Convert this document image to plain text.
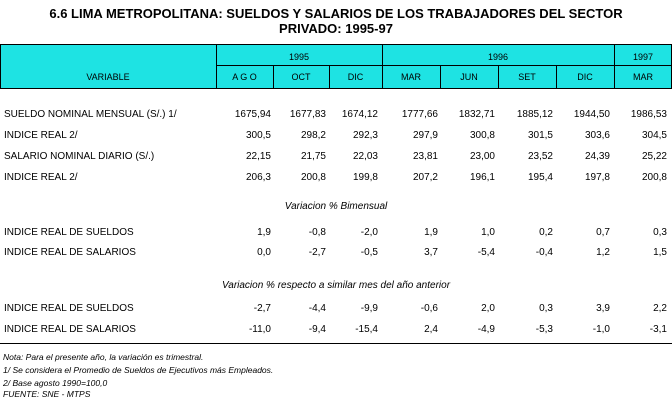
6.6 LIMA METROPOLITANA: SUELDOS Y SALARIOS DE LOS TRABAJADORES DEL SECTOR
PRIVADO: 1995-97
VARIABLE
1995	1996	1997
A G O	OCT	DIC	MAR	JUN	SET	DIC	MAR
Variacion % Bimensual
Variacion % respecto a similar mes del año anterior
Nota: Para el presente año, la variación es trimestral.
1/ Se considera el Promedio de Sueldos de Ejecutivos más Empleados.
2/ Base agosto 1990=100,0
FUENTE: SNE - MTPS
SUELDO NOMINAL MENSUAL (S/.) 1/	1675,94	1677,83	1674,12	1777,66	1832,71	1885,12	1944,50	1986,53
INDICE REAL 2/	300,5	298,2	292,3	297,9	300,8	301,5	303,6	304,5
SALARIO NOMINAL DIARIO (S/.)	22,15	21,75	22,03	23,81	23,00	23,52	24,39	25,22
INDICE REAL 2/	206,3	200,8	199,8	207,2	196,1	195,4	197,8	200,8
INDICE REAL DE SUELDOS	1,9	-0,8	-2,0	1,9	1,0	0,2	0,7	0,3
INDICE REAL DE SALARIOS	0,0	-2,7	-0,5	3,7	-5,4	-0,4	1,2	1,5
INDICE REAL DE SUELDOS	-2,7	-4,4	-9,9	-0,6	2,0	0,3	3,9	2,2
INDICE REAL DE SALARIOS	-11,0	-9,4	-15,4	2,4	-4,9	-5,3	-1,0	-3,1
